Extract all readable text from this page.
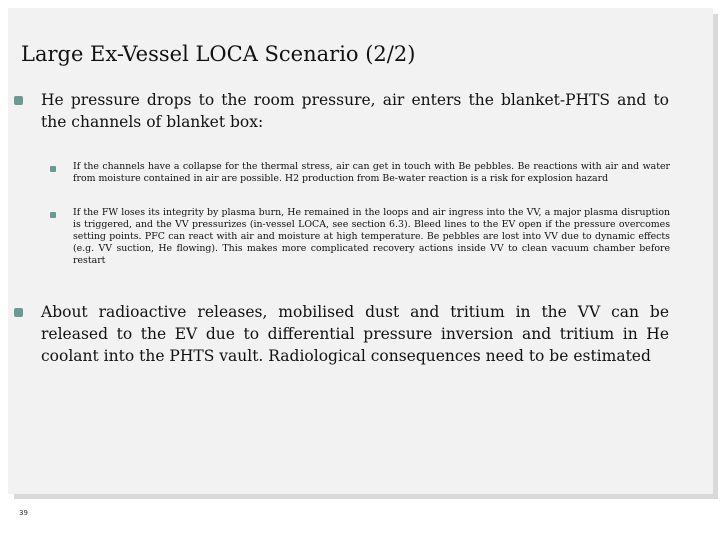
Large Ex-Vessel LOCA Scenario (2/2)
He pressure drops to the room pressure, air enters the blanket-PHTS and to the channels of blanket box:
If the channels have a collapse for the thermal stress, air can get in touch with Be pebbles. Be reactions with air and water from moisture contained in air are possible. H2 production from Be-water reaction is a risk for explosion hazard
If the FW loses its integrity by plasma burn, He remained in the loops and air ingress into the VV, a major plasma disruption is triggered, and the VV pressurizes (in-vessel LOCA, see section 6.3). Bleed lines to the EV open if the pressure overcomes setting points. PFC can react with air and moisture at high temperature. Be pebbles are lost into VV due to dynamic effects (e.g. VV suction, He flowing). This makes more complicated recovery actions inside VV to clean vacuum chamber before restart
About radioactive releases, mobilised dust and tritium in the VV can be released to the EV due to differential pressure inversion and tritium in He coolant into the PHTS vault. Radiological consequences need to be estimated
39
